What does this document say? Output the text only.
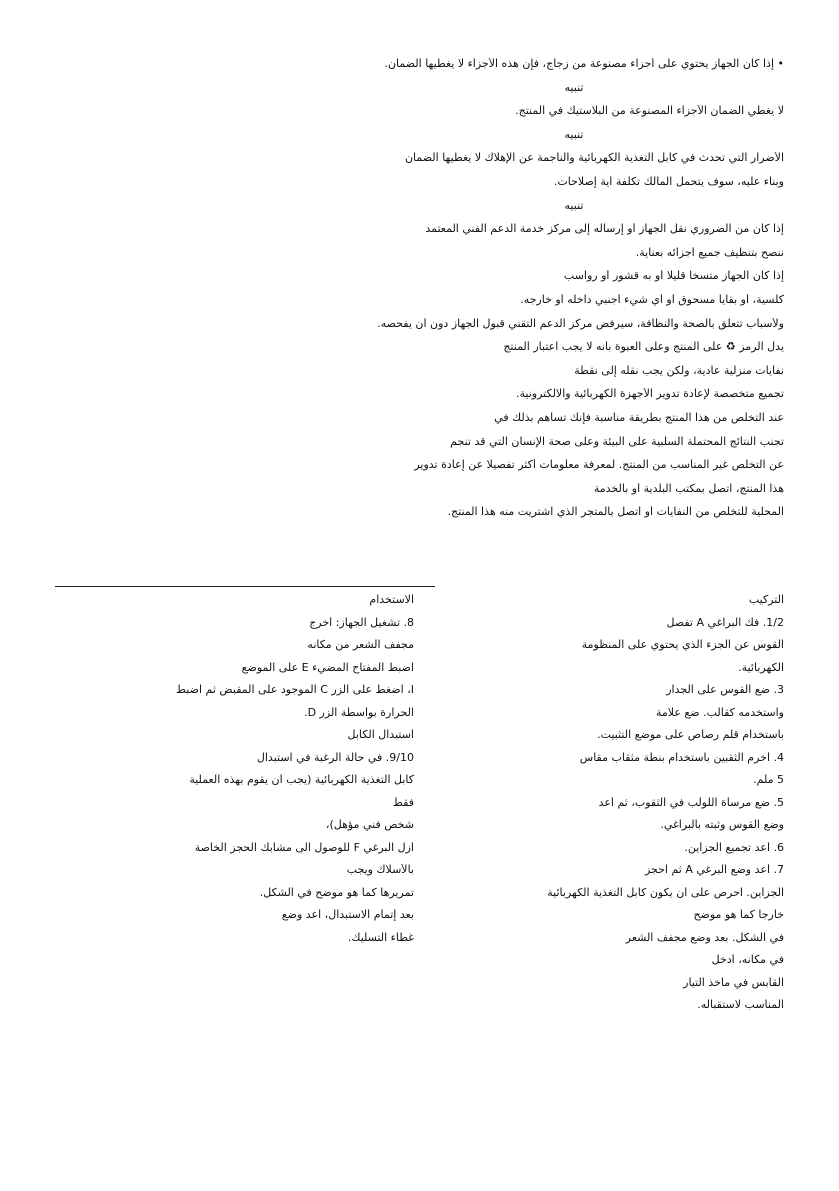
• إذا كان الجهاز يحتوي على أجزاء مصنوعة من زجاج، فإن هذه الأجزاء لا يغطيها الضمان.
تنبيه
لا يغطي الضمان الأجزاء المصنوعة من البلاستيك في المنتج.
تنبيه
الأضرار التي تحدث في كابل التغذية الكهربائية والناجمة عن الإهلاك لا يغطيها الضمان
وبناء عليه، سوف يتحمل المالك تكلفة أية إصلاحات.
تنبيه
إذا كان من الضروري نقل الجهاز أو إرساله إلى مركز خدمة الدعم الفني المعتمد
ننصح بتنظيف جميع أجزائه بعناية.
إذا كان الجهاز متسخا قليلا أو به قشور أو رواسب
كلسية، أو بقايا مسحوق أو أي شيء أجنبي داخله أو خارجه.
ولأسباب تتعلق بالصحة والنظافة، سيرفض مركز الدعم التقني قبول الجهاز دون أن يفحصه.
يدل الرمز ♻ على المنتج وعلى العبوة بأنه لا يجب اعتبار المنتج
نفايات منزلية عادية، ولكن يجب نقله إلى نقطة
تجميع متخصصة لإعادة تدوير الأجهزة الكهربائية والالكترونية.
عند التخلص من هذا المنتج بطريقة مناسبة فإنك تساهم بذلك في
تجنب النتائج المحتملة السلبية على البيئة وعلى صحة الإنسان التي قد تنجم
عن التخلص غير المناسب من المنتج. لمعرفة معلومات أكثر تفصيلا عن إعادة تدوير
هذا المنتج، اتصل بمكتب البلدية أو بالخدمة
المحلية للتخلص من النفايات أو اتصل بالمتجر الذي اشتريت منه هذا المنتج.
التركيب
1/2. فك البراغي A تفصل
القوس عن الجزء الذي يحتوي على المنظومة
الكهربائية.
3. ضع القوس على الجدار
واستخدمه كقالب. ضع علامة
باستخدام قلم رصاص على موضع التثبيت.
4. اخرم الثقبين باستخدام بنطة مثقاب مقاس
5 ملم.
5. ضع مرساة اللولب في الثقوب، ثم أعد
وضع القوس وثبته بالبراغي.
6. أعد تجميع الجزأين.
7. أعد وضع البرغي A ثم احجز
الجزأين. احرص على أن يكون كابل التغذية الكهربائية
خارجا كما هو موضح
في الشكل. بعد وضع مجفف الشعر
في مكانه، أدخل
القابس في مأخذ التيار
المناسب لاستقباله.
الاستخدام
8. تشغيل الجهاز: أخرج
مجفف الشعر من مكانه
اضبط المفتاح المضيء E على الموضع
I، اضغط على الزر C الموجود على المقبض ثم اضبط
الحرارة بواسطة الزر D.
استبدال الكابل
9/10. في حالة الرغبة في استبدال
كابل التغذية الكهربائية (يجب أن يقوم بهذه العملية
فقط
شخص فني مؤهل)،
أزل البرغي F للوصول الى مشابك الحجز الخاصة
بالأسلاك ويجب
تمريرها كما هو موضح في الشكل.
بعد إتمام الاستبدال، أعد وضع
غطاء التسليك.
